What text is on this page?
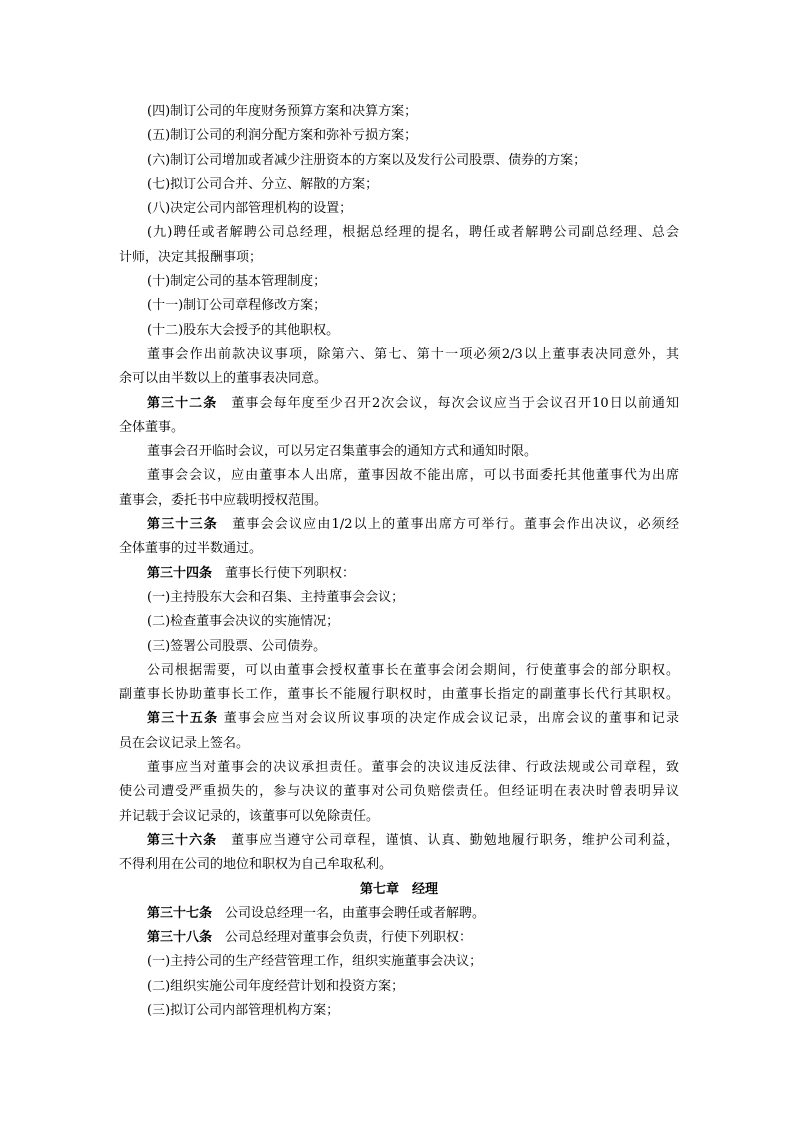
(四)制订公司的年度财务预算方案和决算方案；
(五)制订公司的利润分配方案和弥补亏损方案；
(六)制订公司增加或者减少注册资本的方案以及发行公司股票、债券的方案；
(七)拟订公司合并、分立、解散的方案；
(八)决定公司内部管理机构的设置；
(九)聘任或者解聘公司总经理，根据总经理的提名，聘任或者解聘公司副总经理、总会
计师，决定其报酬事项；
(十)制定公司的基本管理制度；
(十一)制订公司章程修改方案；
(十二)股东大会授予的其他职权。
董事会作出前款决议事项，除第六、第七、第十一项必须2/3以上董事表决同意外，其
余可以由半数以上的董事表决同意。
第三十二条　 董事会每年度至少召开2次会议，每次会议应当于会议召开10日以前通知
全体董事。
董事会召开临时会议，可以另定召集董事会的通知方式和通知时限。
董事会会议，应由董事本人出席，董事因故不能出席，可以书面委托其他董事代为出席
董事会，委托书中应载明授权范围。
第三十三条　 董事会会议应由1/2以上的董事出席方可举行。董事会作出决议，必须经
全体董事的过半数通过。
第三十四条　 董事长行使下列职权：
(一)主持股东大会和召集、主持董事会会议；
(二)检查董事会决议的实施情况；
(三)签署公司股票、公司债券。
公司根据需要，可以由董事会授权董事长在董事会闭会期间，行使董事会的部分职权。
副董事长协助董事长工作，董事长不能履行职权时，由董事长指定的副董事长代行其职权。
第三十五条 董事会应当对会议所议事项的决定作成会议记录，出席会议的董事和记录
员在会议记录上签名。
董事应当对董事会的决议承担责任。董事会的决议违反法律、行政法规或公司章程，致
使公司遭受严重损失的，参与决议的董事对公司负赔偿责任。但经证明在表决时曾表明异议
并记载于会议记录的，该董事可以免除责任。
第三十六条　 董事应当遵守公司章程，谨慎、认真、勤勉地履行职务，维护公司利益，
不得利用在公司的地位和职权为自己牟取私利。
第七章　经理
第三十七条　 公司设总经理一名，由董事会聘任或者解聘。
第三十八条　 公司总经理对董事会负责，行使下列职权：
(一)主持公司的生产经营管理工作，组织实施董事会决议；
(二)组织实施公司年度经营计划和投资方案；
(三)拟订公司内部管理机构方案；
